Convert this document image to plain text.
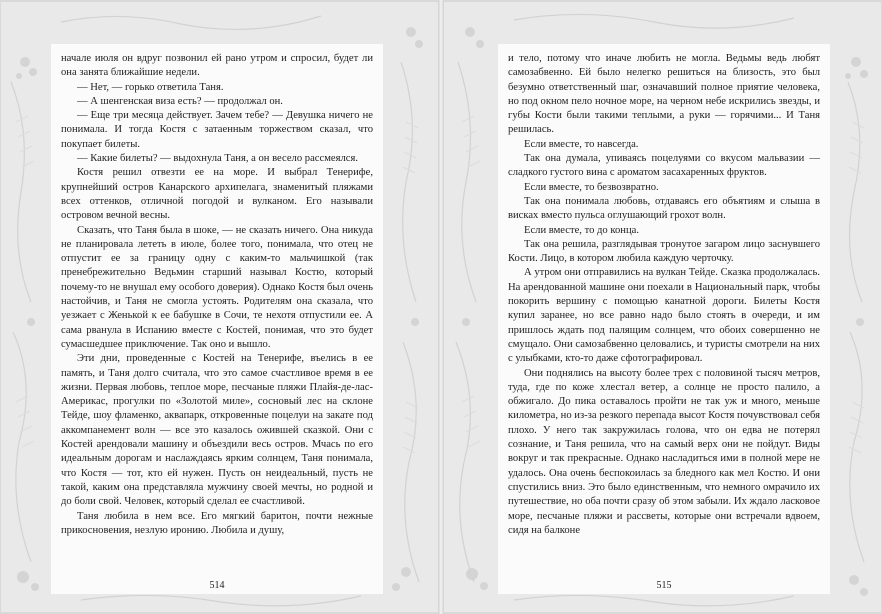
начале июля он вдруг позвонил ей рано утром и спросил, будет ли она занята ближайшие недели.

— Нет, — горько ответила Таня.

— А шенгенская виза есть? — продолжал он.

— Еще три месяца действует. Зачем тебе? — Девушка ничего не понимала. И тогда Костя с затаенным торжеством сказал, что покупает билеты.

— Какие билеты? — выдохнула Таня, а он весело рассмеялся.

Костя решил отвезти ее на море. И выбрал Тенерифе, крупнейший остров Канарского архипелага, знаменитый пляжами всех оттенков, отличной погодой и вулканом. Его называли островом вечной весны.

Сказать, что Таня была в шоке, — не сказать ничего. Она никуда не планировала лететь в июле, более того, понимала, что отец не отпустит ее за границу одну с каким-то мальчишкой (так пренебрежительно Ведьмин старший называл Костю, который почему-то не внушал ему особого доверия). Однако Костя был очень настойчив, и Таня не смогла устоять. Родителям она сказала, что уезжает с Женькой к ее бабушке в Сочи, те нехотя отпустили ее. А сама рванула в Испанию вместе с Костей, понимая, что это будет сумасшедшее приключение. Так оно и вышло.

Эти дни, проведенные с Костей на Тенерифе, въелись в ее память, и Таня долго считала, что это самое счастливое время в ее жизни. Первая любовь, теплое море, песчаные пляжи Плайя-де-лас-Америкас, прогулки по «Золотой миле», сосновый лес на склоне Тейде, шоу фламенко, аквапарк, откровенные поцелуи на закате под аккомпанемент волн — все это казалось ожившей сказкой. Они с Костей арендовали машину и объездили весь остров. Мчась по его идеальным дорогам и наслаждаясь ярким солнцем, Таня понимала, что Костя — тот, кто ей нужен. Пусть он неидеальный, пусть не такой, каким она представляла мужчину своей мечты, но родной и до боли свой. Человек, который сделал ее счастливой.

Таня любила в нем все. Его мягкий баритон, почти нежные прикосновения, незлую иронию. Любила и душу,

514

и тело, потому что иначе любить не могла. Ведьмы ведь любят самозабвенно. Ей было нелегко решиться на близость, это был безумно ответственный шаг, означавший полное приятие человека, но под окном пело ночное море, на черном небе искрились звезды, и губы Кости были такими теплыми, а руки — горячими... И Таня решилась.

Если вместе, то навсегда.

Так она думала, упиваясь поцелуями со вкусом мальвазии — сладкого густого вина с ароматом засахаренных фруктов.

Если вместе, то безвозвратно.

Так она понимала любовь, отдаваясь его объятиям и слыша в висках вместо пульса оглушающий грохот волн.

Если вместе, то до конца.

Так она решила, разглядывая тронутое загаром лицо заснувшего Кости. Лицо, в котором любила каждую черточку.

А утром они отправились на вулкан Тейде. Сказка продолжалась. На арендованной машине они поехали в Национальный парк, чтобы покорить вершину с помощью канатной дороги. Билеты Костя купил заранее, но все равно надо было стоять в очереди, и им пришлось ждать под палящим солнцем, что обоих совершенно не смущало. Они самозабвенно целовались, и туристы смотрели на них с улыбками, кто-то даже сфотографировал.

Они поднялись на высоту более трех с половиной тысяч метров, туда, где по коже хлестал ветер, а солнце не просто палило, а обжигало. До пика оставалось пройти не так уж и много, меньше километра, но из-за резкого перепада высот Костя почувствовал себя плохо. У него так закружилась голова, что он едва не потерял сознание, и Таня решила, что на самый верх они не пойдут. Виды вокруг и так прекрасные. Однако насладиться ими в полной мере не удалось. Она очень беспокоилась за бледного как мел Костю. И они спустились вниз. Это было единственным, что немного омрачило их путешествие, но оба почти сразу об этом забыли. Их ждало ласковое море, песчаные пляжи и рассветы, которые они встречали вдвоем, сидя на балконе

515
